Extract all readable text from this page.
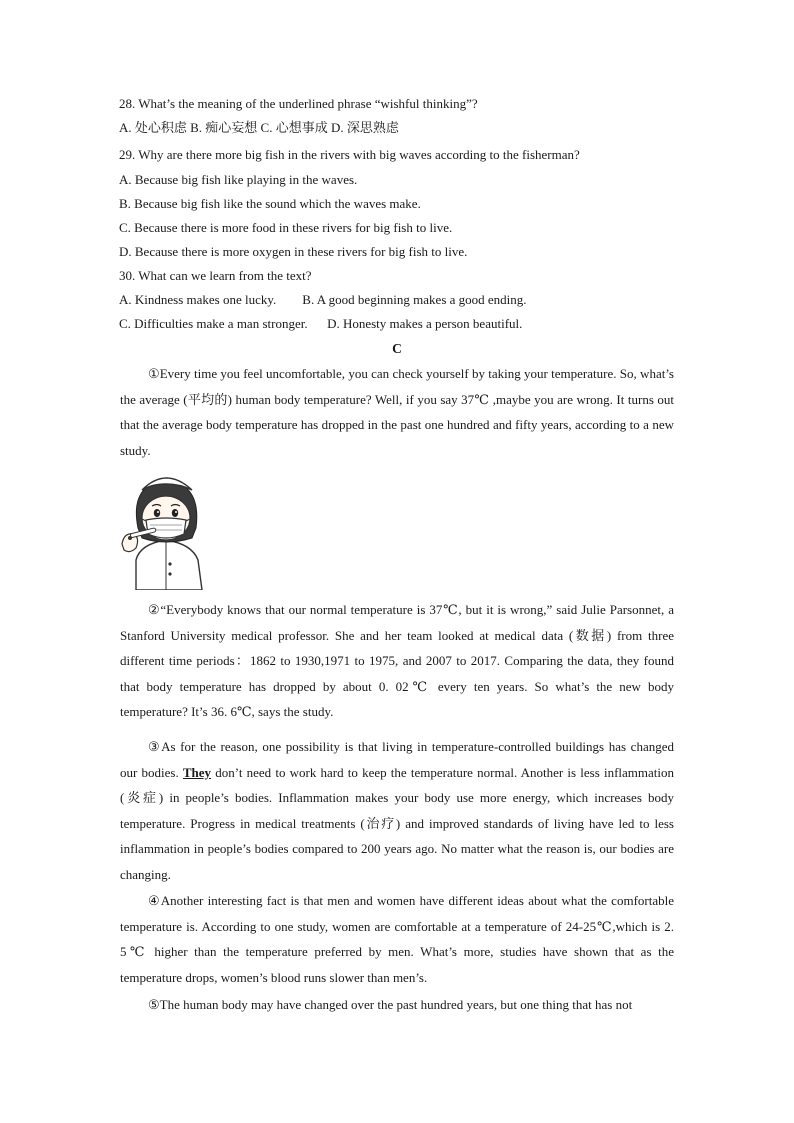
28. What’s the meaning of the underlined phrase “wishful thinking”?
A. 处心积虑 B. 痴心妄想 C. 心想事成 D. 深思熟虑
29. Why are there more big fish in the rivers with big waves according to the fisherman?
A. Because big fish like playing in the waves.
B. Because big fish like the sound which the waves make.
C. Because there is more food in these rivers for big fish to live.
D. Because there is more oxygen in these rivers for big fish to live.
30. What can we learn from the text?
A. Kindness makes one lucky.        B. A good beginning makes a good ending.
C. Difficulties make a man stronger.      D. Honesty makes a person beautiful.
C

①Every time you feel uncomfortable, you can check yourself by taking your temperature. So, what’s the average (平均的) human body temperature? Well, if you say 37℃ ,maybe you are wrong. It turns out that the average body temperature has dropped in the past one hundred and fifty years, according to a new study.

②“Everybody knows that our normal temperature is 37℃, but it is wrong,” said Julie Parsonnet, a Stanford University medical professor. She and her team looked at medical data (数据) from three different time periods：1862 to 1930,1971 to 1975, and 2007 to 2017. Comparing the data, they found that body temperature has dropped by about 0. 02℃ every ten years. So what’s the new body temperature? It’s 36. 6℃, says the study.

③As for the reason, one possibility is that living in temperature-controlled buildings has changed our bodies. They don’t need to work hard to keep the temperature normal. Another is less inflammation (炎症) in people’s bodies. Inflammation makes your body use more energy, which increases body temperature. Progress in medical treatments (治疗) and improved standards of living have led to less inflammation in people’s bodies compared to 200 years ago. No matter what the reason is, our bodies are changing.

④Another interesting fact is that men and women have different ideas about what the comfortable temperature is. According to one study, women are comfortable at a temperature of 24-25℃,which is 2. 5℃ higher than the temperature preferred by men. What’s more, studies have shown that as the temperature drops, women’s blood runs slower than men’s.

⑤The human body may have changed over the past hundred years, but one thing that has not
